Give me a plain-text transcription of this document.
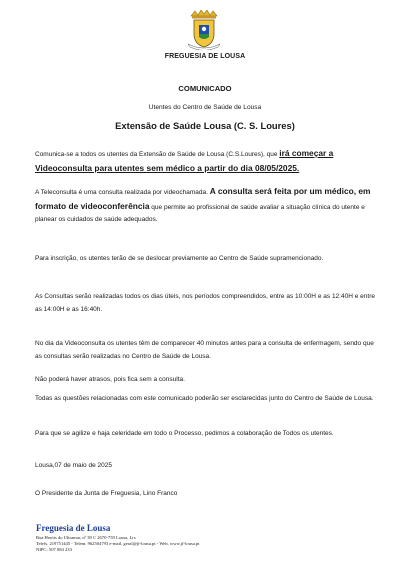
FREGUESIA DE LOUSA
COMUNICADO
Utentes do Centro de Saúde de Lousa
Extensão de Saúde Lousa (C. S. Loures)
Comunica-se a todos os utentes da Extensão de Saúde de Lousa (C.S.Loures), que irá começar a Videoconsulta para utentes sem médico a partir do dia 08/05/2025.
A Teleconsulta é uma consulta realizada por videochamada. A consulta será feita por um médico, em formato de videoconferência que permite ao profissional de saúde avaliar a situação clínica do utente e planear os cuidados de saúde adequados.
Para inscrição, os utentes terão de se deslocar previamente ao Centro de Saúde supramencionado.
As Consultas serão realizadas todos os dias úteis, nos períodos compreendidos, entre as 10:00H e as 12:40H e entre as 14:00H e as 16:40h.
No dia da Videoconsulta os utentes têm de comparecer 40 minutos antes para a consulta de enfermagem, sendo que as consultas serão realizadas no Centro de Saúde de Lousa.
Não poderá haver atrasos, pois fica sem a consulta.
Todas as questões relacionadas com este comunicado poderão ser esclarecidas junto do Centro de Saúde de Lousa.
Para que se agilize e haja celeridade em todo o Processo, pedimos a colaboração de Todos os utentes.
Lousa,07 de maio de 2025
O Presidente da Junta de Freguesia, Lino Franco
Freguesia de Lousa
Rua Heróis do Ultramar, nº 39 C 2670-759 Lousa, Lrs
Telefs. 219751445 - Telem. 962504793 e-mail. geral@jf-lousa.pt - Web. www.jf-lousa.pt
NIPC: 507 084 233
